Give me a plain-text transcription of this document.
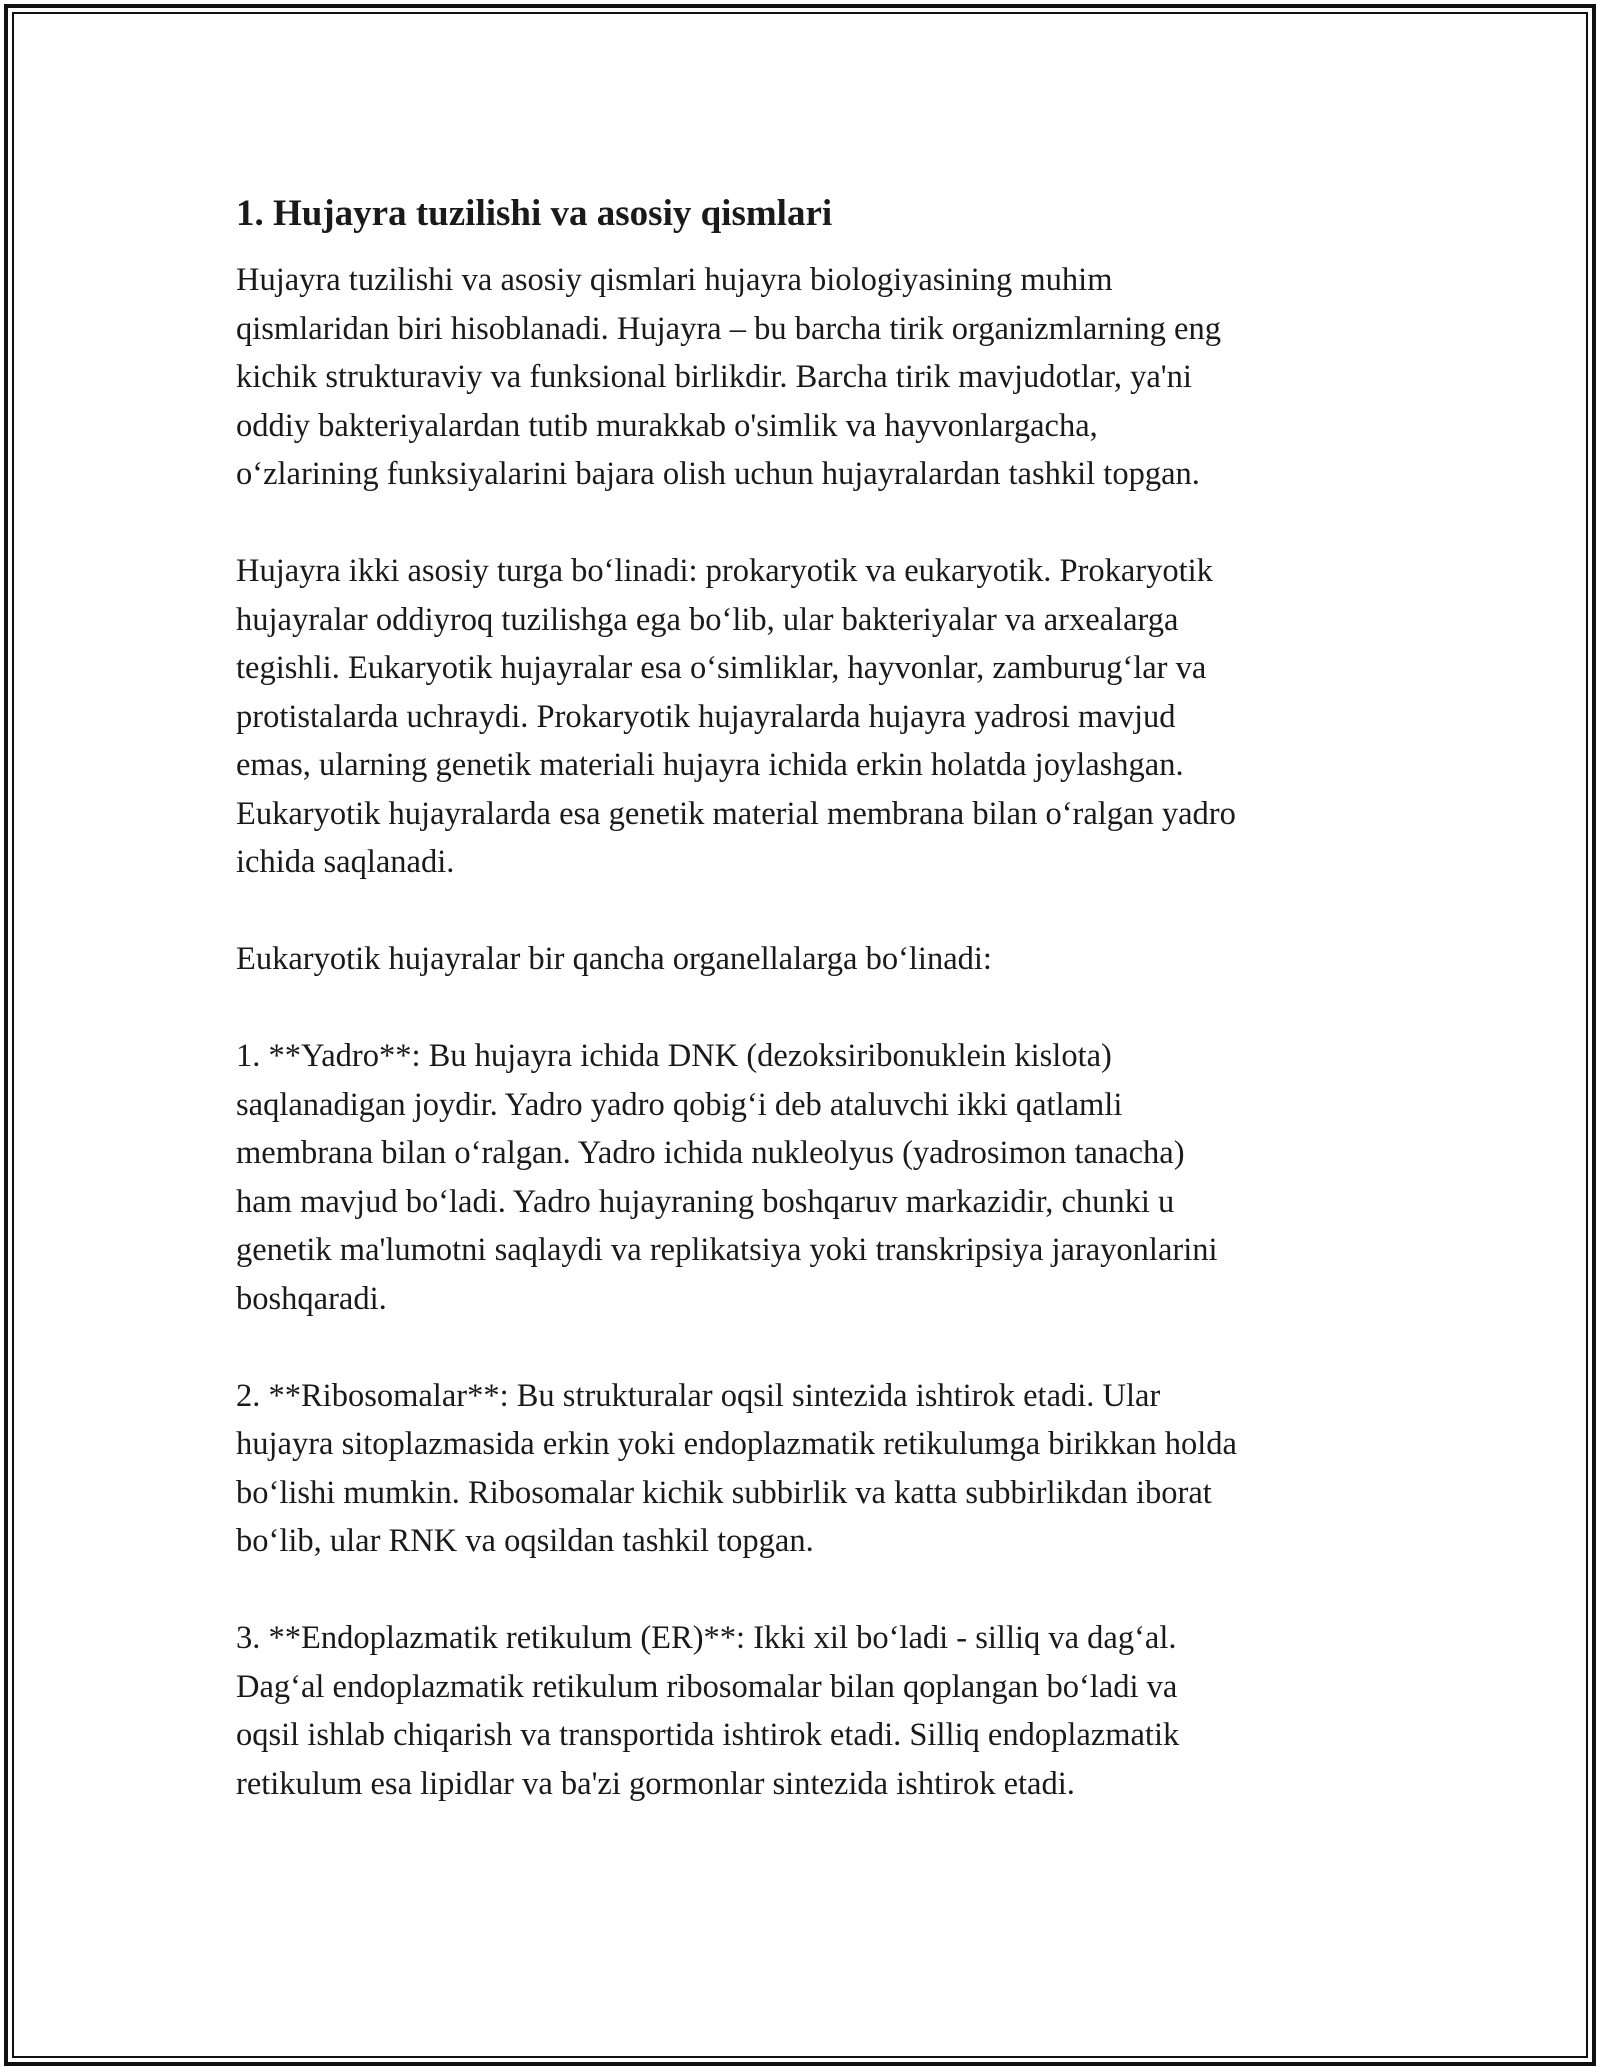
1. Hujayra tuzilishi va asosiy qismlari

Hujayra tuzilishi va asosiy qismlari hujayra biologiyasining muhim
qismlaridan biri hisoblanadi. Hujayra – bu barcha tirik organizmlarning eng
kichik strukturaviy va funksional birlikdir. Barcha tirik mavjudotlar, ya'ni
oddiy bakteriyalardan tutib murakkab o'simlik va hayvonlargacha,
o‘zlarining funksiyalarini bajara olish uchun hujayralardan tashkil topgan.

Hujayra ikki asosiy turga bo‘linadi: prokaryotik va eukaryotik. Prokaryotik
hujayralar oddiyroq tuzilishga ega bo‘lib, ular bakteriyalar va arxealarga
tegishli. Eukaryotik hujayralar esa o‘simliklar, hayvonlar, zamburug‘lar va
protistalarda uchraydi. Prokaryotik hujayralarda hujayra yadrosi mavjud
emas, ularning genetik materiali hujayra ichida erkin holatda joylashgan.
Eukaryotik hujayralarda esa genetik material membrana bilan o‘ralgan yadro
ichida saqlanadi.

Eukaryotik hujayralar bir qancha organellalarga bo‘linadi:

1. **Yadro**: Bu hujayra ichida DNK (dezoksiribonuklein kislota)
saqlanadigan joydir. Yadro yadro qobig‘i deb ataluvchi ikki qatlamli
membrana bilan o‘ralgan. Yadro ichida nukleolyus (yadrosimon tanacha)
ham mavjud bo‘ladi. Yadro hujayraning boshqaruv markazidir, chunki u
genetik ma'lumotni saqlaydi va replikatsiya yoki transkripsiya jarayonlarini
boshqaradi.

2. **Ribosomalar**: Bu strukturalar oqsil sintezida ishtirok etadi. Ular
hujayra sitoplazmasida erkin yoki endoplazmatik retikulumga birikkan holda
bo‘lishi mumkin. Ribosomalar kichik subbirlik va katta subbirlikdan iborat
bo‘lib, ular RNK va oqsildan tashkil topgan.

3. **Endoplazmatik retikulum (ER)**: Ikki xil bo‘ladi - silliq va dag‘al.
Dag‘al endoplazmatik retikulum ribosomalar bilan qoplangan bo‘ladi va
oqsil ishlab chiqarish va transportida ishtirok etadi. Silliq endoplazmatik
retikulum esa lipidlar va ba'zi gormonlar sintezida ishtirok etadi.
